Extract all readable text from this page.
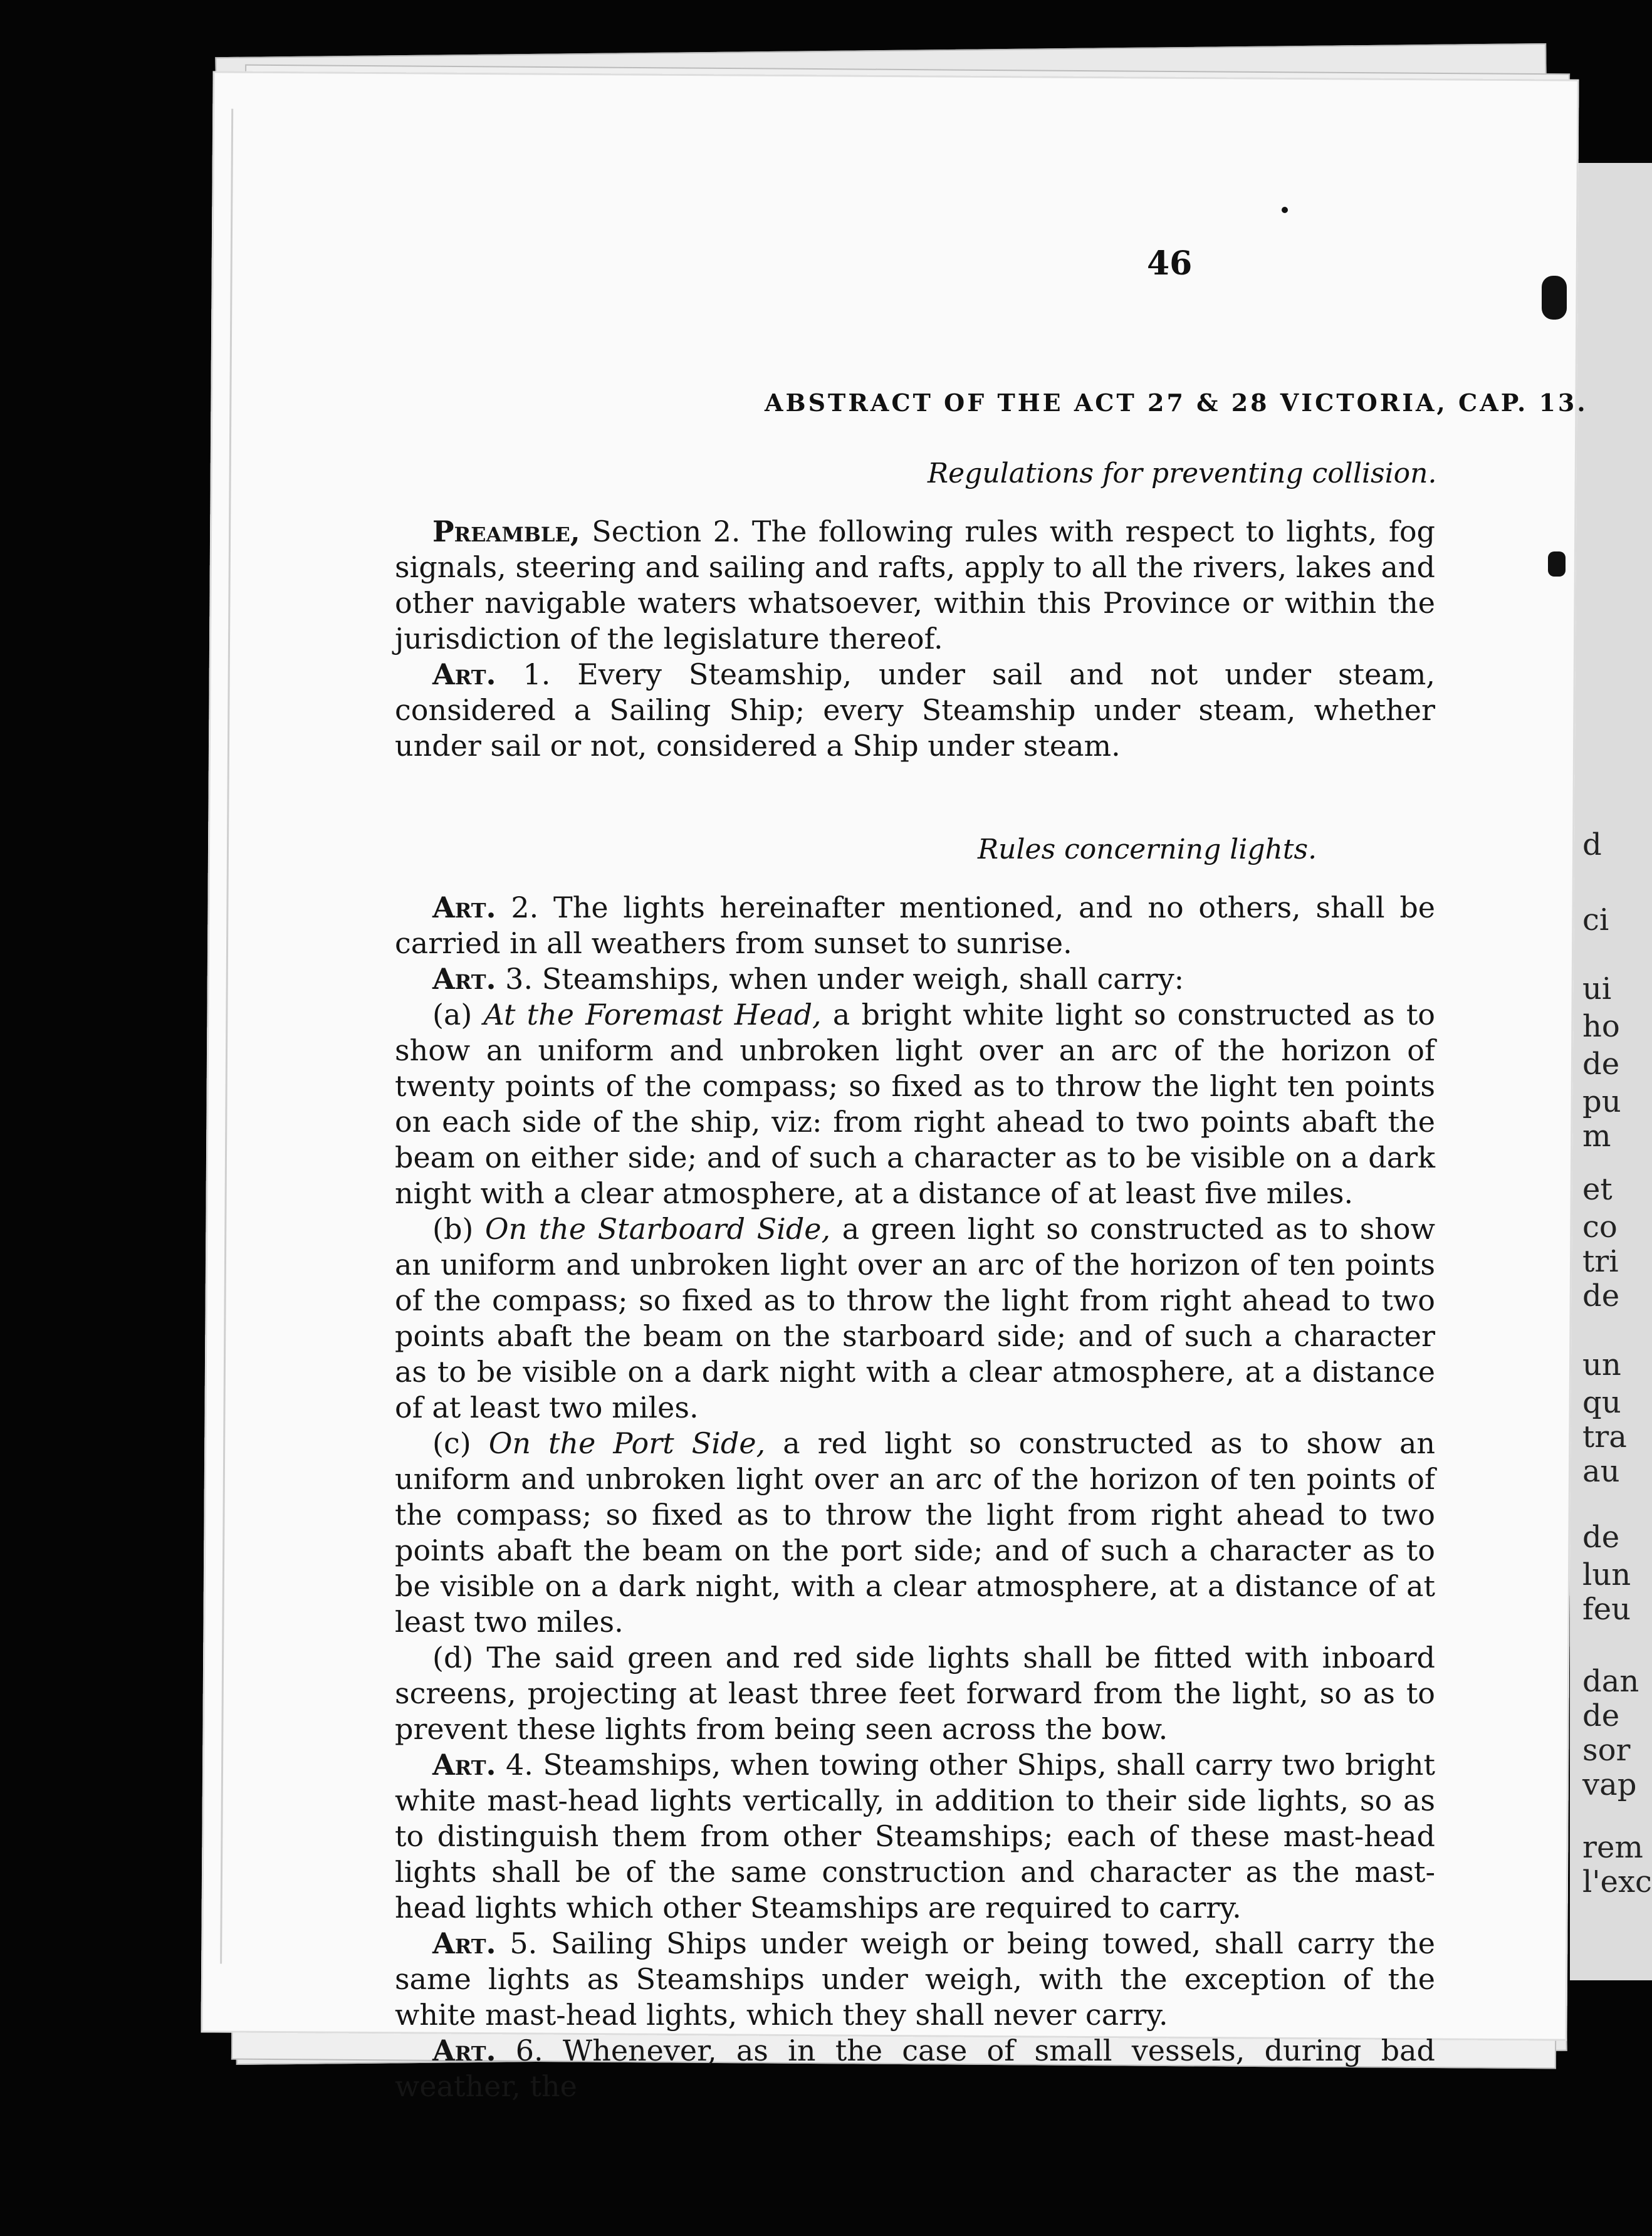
d
ci
ui
ho
de
pu
m
et
co
tri
de
un
qu
tra
au
de
lun
feu
dan
de
sor
vap
rem
l'exc
46
ABSTRACT OF THE ACT 27 & 28 VICTORIA, CAP. 13.
Regulations for preventing collision.

Preamble, Section 2. The following rules with respect to lights, fog signals, steering and sailing and rafts, apply to all the rivers, lakes and other navigable waters whatsoever, within this Province or within the jurisdiction of the legislature thereof.

Art. 1. Every Steamship, under sail and not under steam, considered a Sailing Ship; every Steamship under steam, whether under sail or not, considered a Ship under steam.

Rules concerning lights.

Art. 2. The lights hereinafter mentioned, and no others, shall be carried in all weathers from sunset to sunrise.

Art. 3. Steamships, when under weigh, shall carry:

(a) At the Foremast Head, a bright white light so constructed as to show an uniform and unbroken light over an arc of the horizon of twenty points of the compass; so fixed as to throw the light ten points on each side of the ship, viz: from right ahead to two points abaft the beam on either side; and of such a character as to be visible on a dark night with a clear atmosphere, at a distance of at least five miles.

(b) On the Starboard Side, a green light so constructed as to show an uniform and unbroken light over an arc of the horizon of ten points of the compass; so fixed as to throw the light from right ahead to two points abaft the beam on the starboard side; and of such a character as to be visible on a dark night with a clear atmosphere, at a distance of at least two miles.

(c) On the Port Side, a red light so constructed as to show an uniform and unbroken light over an arc of the horizon of ten points of the compass; so fixed as to throw the light from right ahead to two points abaft the beam on the port side; and of such a character as to be visible on a dark night, with a clear atmosphere, at a distance of at least two miles.

(d) The said green and red side lights shall be fitted with inboard screens, projecting at least three feet forward from the light, so as to prevent these lights from being seen across the bow.

Art. 4. Steamships, when towing other Ships, shall carry two bright white mast-head lights vertically, in addition to their side lights, so as to distinguish them from other Steamships; each of these mast-head lights shall be of the same construction and character as the mast-head lights which other Steamships are required to carry.

Art. 5. Sailing Ships under weigh or being towed, shall carry the same lights as Steamships under weigh, with the exception of the white mast-head lights, which they shall never carry.

Art. 6. Whenever, as in the case of small vessels, during bad weather, the
